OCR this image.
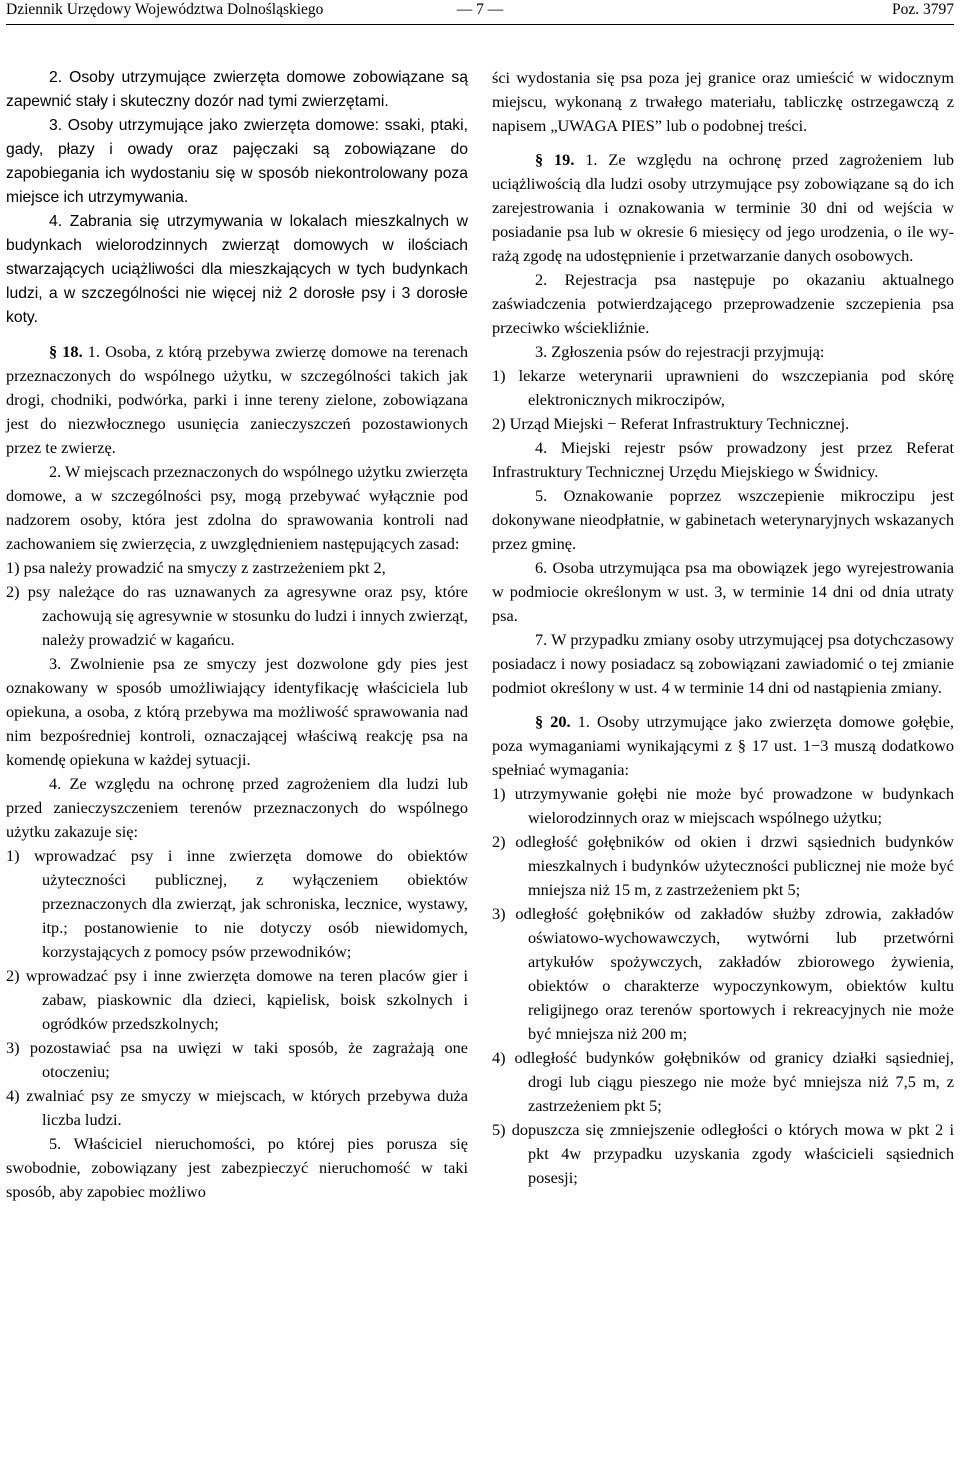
Dziennik Urzędowy Województwa Dolnośląskiego	— 7 —	Poz. 3797

2. Osoby utrzymujące zwierzęta domowe zobowiązane są zapewnić stały i skuteczny dozór nad tymi zwierzętami.

3. Osoby utrzymujące jako zwierzęta domowe: ssaki, ptaki, gady, płazy i owady oraz pajęczaki są zobowiązane do zapobiegania ich wydostaniu się w sposób niekontrolowany poza miejsce ich utrzymywania.

4. Zabrania się utrzymywania w lokalach mieszkalnych w budynkach wielorodzinnych zwierząt domowych w ilościach stwarzających uciążliwości dla mieszkających w tych budynkach ludzi, a w szczególności nie więcej niż 2 dorosłe psy i 3 dorosłe koty.

§ 18. 1. Osoba, z którą przebywa zwierzę domowe na terenach przeznaczonych do wspólnego użytku, w szczególności takich jak drogi, chodniki, podwórka, parki i inne tereny zielone, zobowiązana jest do niezwłocznego usunięcia zanieczyszczeń pozostawionych przez te zwierzę.

2. W miejscach przeznaczonych do wspólnego użytku zwierzęta domowe, a w szczególności psy, mogą przebywać wyłącznie pod nadzorem osoby, która jest zdolna do sprawowania kontroli nad zachowaniem się zwierzęcia, z uwzględnieniem następujących zasad:

1) psa należy prowadzić na smyczy z zastrzeżeniem pkt 2,

2) psy należące do ras uznawanych za agresywne oraz psy, które zachowują się agresywnie w stosunku do ludzi i innych zwierząt, należy prowadzić w kagańcu.

3. Zwolnienie psa ze smyczy jest dozwolone gdy pies jest oznakowany w sposób umożliwiający identyfikację właściciela lub opiekuna, a osoba, z którą przebywa ma możliwość sprawowania nad nim bezpośredniej kontroli, oznaczającej właściwą reakcję psa na komendę opiekuna w każdej sytuacji.

4. Ze względu na ochronę przed zagrożeniem dla ludzi lub przed zanieczyszczeniem terenów przeznaczonych do wspólnego użytku zakazuje się:

1) wprowadzać psy i inne zwierzęta domowe do obiektów użyteczności publicznej, z wyłączeniem obiektów przeznaczonych dla zwierząt, jak schroniska, lecznice, wystawy, itp.; postanowienie to nie dotyczy osób niewidomych, korzystających z pomocy psów przewodników;

2) wprowadzać psy i inne zwierzęta domowe na teren placów gier i zabaw, piaskownic dla dzieci, kąpielisk, boisk szkolnych i ogródków przedszkolnych;

3) pozostawiać psa na uwięzi w taki sposób, że zagrażają one otoczeniu;

4) zwalniać psy ze smyczy w miejscach, w których przebywa duża liczba ludzi.

5. Właściciel nieruchomości, po której pies porusza się swobodnie, zobowiązany jest zabezpieczyć nieruchomość w taki sposób, aby zapobiec możliwo

ści wydostania się psa poza jej granice oraz umieścić w widocznym miejscu, wykonaną z trwałego materiału, tabliczkę ostrzegawczą z napisem „UWAGA PIES” lub o podobnej treści.

§ 19. 1. Ze względu na ochronę przed zagrożeniem lub uciążliwością dla ludzi osoby utrzymujące psy zobowiązane są do ich zarejestrowania i oznakowania w terminie 30 dni od wejścia w posiadanie psa lub w okresie 6 miesięcy od jego urodzenia, o ile wyrażą zgodę na udostępnienie i przetwarzanie danych osobowych.

2. Rejestracja psa następuje po okazaniu aktualnego zaświadczenia potwierdzającego przeprowadzenie szczepienia psa przeciwko wściekliźnie.

3. Zgłoszenia psów do rejestracji przyjmują:

1) lekarze weterynarii uprawnieni do wszczepiania pod skórę elektronicznych mikrocziрów,

2) Urząd Miejski − Referat Infrastruktury Technicznej.

4. Miejski rejestr psów prowadzony jest przez Referat Infrastruktury Technicznej Urzędu Miejskiego w Świdnicy.

5. Oznakowanie poprzez wszczepienie mikroczipu jest dokonywane nieodpłatnie, w gabinetach weterynaryjnych wskazanych przez gminę.

6. Osoba utrzymująca psa ma obowiązek jego wyrejestrowania w podmiocie określonym w ust. 3, w terminie 14 dni od dnia utraty psa.

7. W przypadku zmiany osoby utrzymującej psa dotychczasowy posiadacz i nowy posiadacz są zobowiązani zawiadomić o tej zmianie podmiot określony w ust. 4 w terminie 14 dni od nastąpienia zmiany.

§ 20. 1. Osoby utrzymujące jako zwierzęta domowe gołębie, poza wymaganiami wynikającymi z § 17 ust. 1−3 muszą dodatkowo spełniać wymagania:

1) utrzymywanie gołębi nie może być prowadzone w budynkach wielorodzinnych oraz w miejscach wspólnego użytku;

2) odległość gołębników od okien i drzwi sąsiednich budynków mieszkalnych i budynków użyteczności publicznej nie może być mniejsza niż 15 m, z zastrzeżeniem pkt 5;

3) odległość gołębników od zakładów służby zdrowia, zakładów oświatowo-wychowawczych, wytwórni lub przetwórni artykułów spożywczych, zakładów zbiorowego żywienia, obiektów o charakterze wypoczynkowym, obiektów kultu religijnego oraz terenów sportowych i rekreacyjnych nie może być mniejsza niż 200 m;

4) odległość budynków gołębników od granicy działki sąsiedniej, drogi lub ciągu pieszego nie może być mniejsza niż 7,5 m, z zastrzeżeniem pkt 5;

5) dopuszcza się zmniejszenie odległości o których mowa w pkt 2 i pkt 4w przypadku uzyskania zgody właścicieli sąsiednich posesji;
